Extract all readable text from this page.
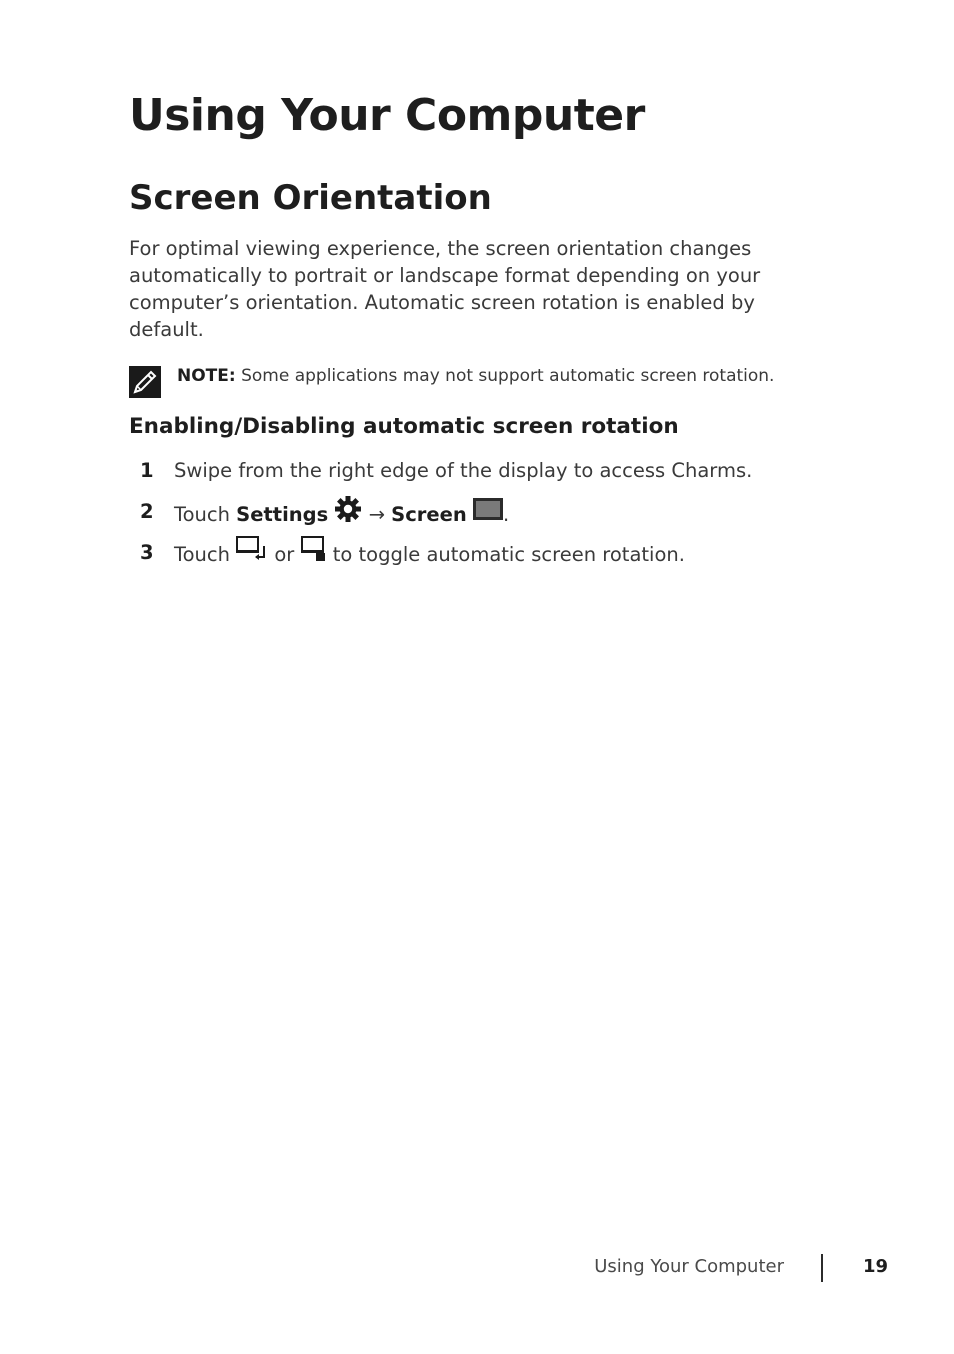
Using Your Computer
Screen Orientation

For optimal viewing experience, the screen orientation changes automatically to portrait or landscape format depending on your computer’s orientation. Automatic screen rotation is enabled by default.

NOTE: Some applications may not support automatic screen rotation.
Enabling/Disabling automatic screen rotation
1 Swipe from the right edge of the display to access Charms.
2 Touch Settings  → Screen .
3 Touch  or  to toggle automatic screen rotation.
Using Your Computer	19
